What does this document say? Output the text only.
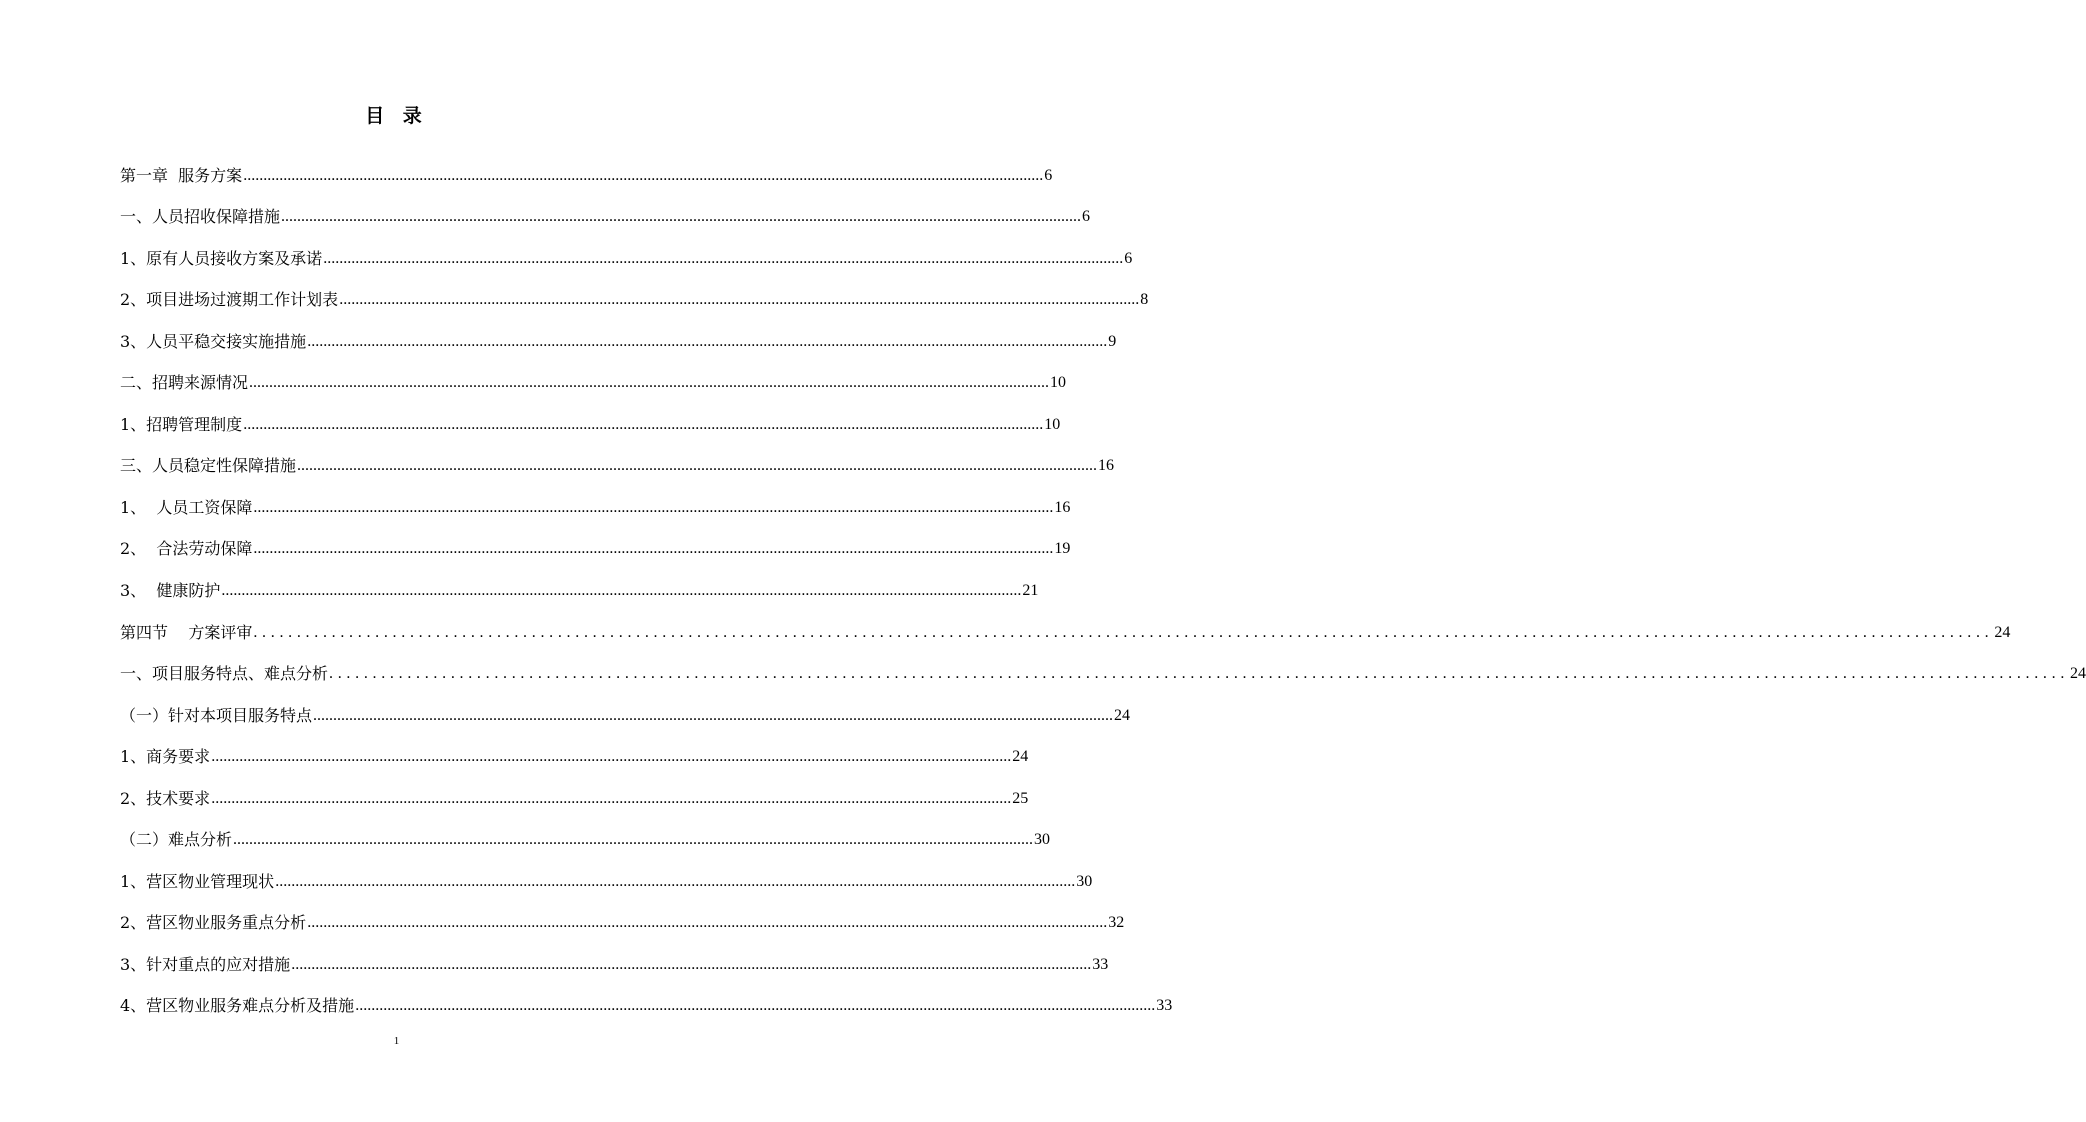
目 录
第一章  服务方案 ........................................................................................................................................................................................................ 6
一、人员招收保障措施 ........................................................................................................................................................................................................ 6
1、原有人员接收方案及承诺 ........................................................................................................................................................................................................ 6
2、项目进场过渡期工作计划表 ........................................................................................................................................................................................................ 8
3、人员平稳交接实施措施 ........................................................................................................................................................................................................ 9
二、招聘来源情况 ........................................................................................................................................................................................................ 10
1、招聘管理制度 ........................................................................................................................................................................................................ 10
三、人员稳定性保障措施 ........................................................................................................................................................................................................ 16
1、  人员工资保障 ........................................................................................................................................................................................................ 16
2、  合法劳动保障 ........................................................................................................................................................................................................ 19
3、  健康防护 ........................................................................................................................................................................................................ 21
第四节    方案评审 ........................................................................................................................................................................................................ 24
一、项目服务特点、难点分析 ........................................................................................................................................................................................................ 24
（一）针对本项目服务特点 ........................................................................................................................................................................................................ 24
1、商务要求 ........................................................................................................................................................................................................ 24
2、技术要求 ........................................................................................................................................................................................................ 25
（二）难点分析 ........................................................................................................................................................................................................ 30
1、营区物业管理现状 ........................................................................................................................................................................................................ 30
2、营区物业服务重点分析 ........................................................................................................................................................................................................ 32
3、针对重点的应对措施 ........................................................................................................................................................................................................ 33
4、营区物业服务难点分析及措施 ........................................................................................................................................................................................................ 33
1
